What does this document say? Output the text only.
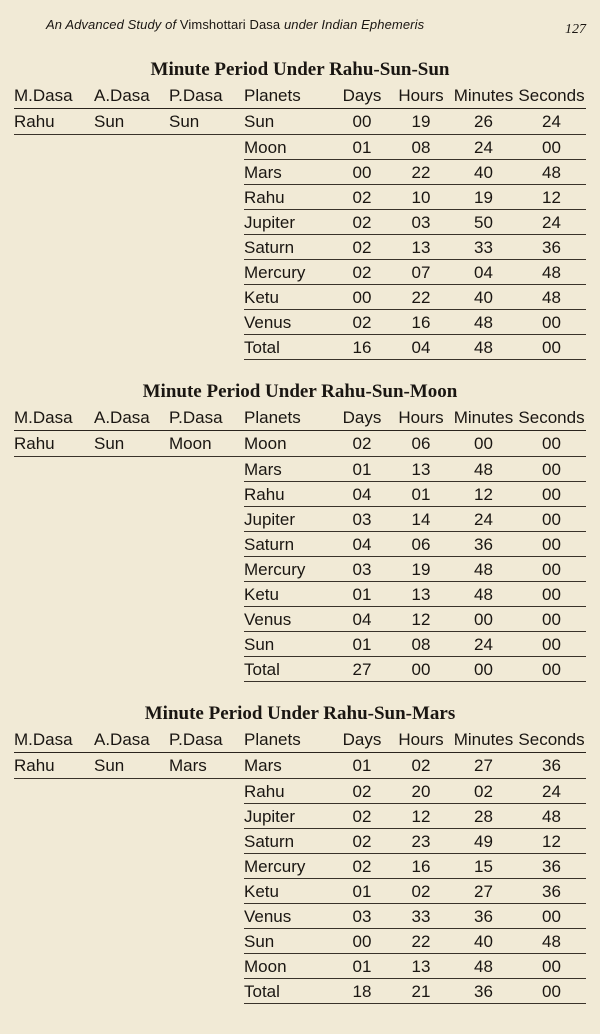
An Advanced Study of Vimshottari Dasa under Indian Ephemeris	127
Minute Period Under Rahu-Sun-Sun
M.Dasa	A.Dasa	P.Dasa	Planets	Days Hours Minutes Seconds
Rahu	Sun	Sun	Sun	00	19	26	24
Moon	01	08	24	00
Mars	00	22	40	48
Rahu	02	10	19	12
Jupiter	02	03	50	24
Saturn	02	13	33	36
Mercury	02	07	04	48
Ketu	00	22	40	48
Venus	02	16	48	00
Total	16	04	48	00
Minute Period Under Rahu-Sun-Moon
M.Dasa	A.Dasa	P.Dasa	Planets	Days Hours Minutes Seconds
Rahu	Sun	Moon	Moon	02	06	00	00
Mars	01	13	48	00
Rahu	04	01	12	00
Jupiter	03	14	24	00
Saturn	04	06	36	00
Mercury	03	19	48	00
Ketu	01	13	48	00
Venus	04	12	00	00
Sun	01	08	24	00
Total	27	00	00	00
Minute Period Under Rahu-Sun-Mars
M.Dasa	A.Dasa	P.Dasa	Planets	Days Hours Minutes Seconds
Rahu	Sun	Mars	Mars	01	02	27	36
Rahu	02	20	02	24
Jupiter	02	12	28	48
Saturn	02	23	49	12
Mercury	02	16	15	36
Ketu	01	02	27	36
Venus	03	33	36	00
Sun	00	22	40	48
Moon	01	13	48	00
Total	18	21	36	00
